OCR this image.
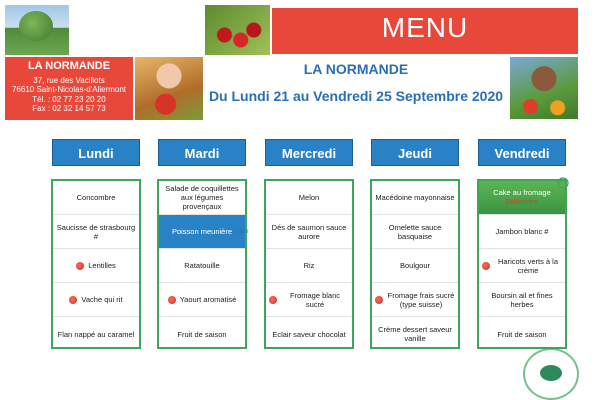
MENU
LA NORMANDE
37, rue des Vacillots
76610 Saint-Nicolas-d'Aliermont
Tél. : 02 77 23 20 20
Fax : 02 32 14 57 73
LA NORMANDE
Du Lundi 21 au Vendredi 25 Septembre 2020
Lundi
Concombre
Saucisse de strasbourg #
Lentilles
Vache qui rit
Flan nappé au caramel
Mardi
Salade de coquillettes aux légumes provençaux
Poisson meunière Label
Ratatouille
Yaourt aromatisé
Fruit de saison
Mercredi
Melon
Dés de saumon sauce aurore
Riz
Fromage blanc sucré
Eclair saveur chocolat
Jeudi
Macédoine mayonnaise
Omelette sauce basquaise
Boulgour
Fromage frais sucré (type suisse)
Crème dessert saveur vanille
Vendredi
Cake au fromage
Bellechère
Jambon blanc #
Haricots verts à la crème
Boursin ail et fines herbes
Fruit de saison
